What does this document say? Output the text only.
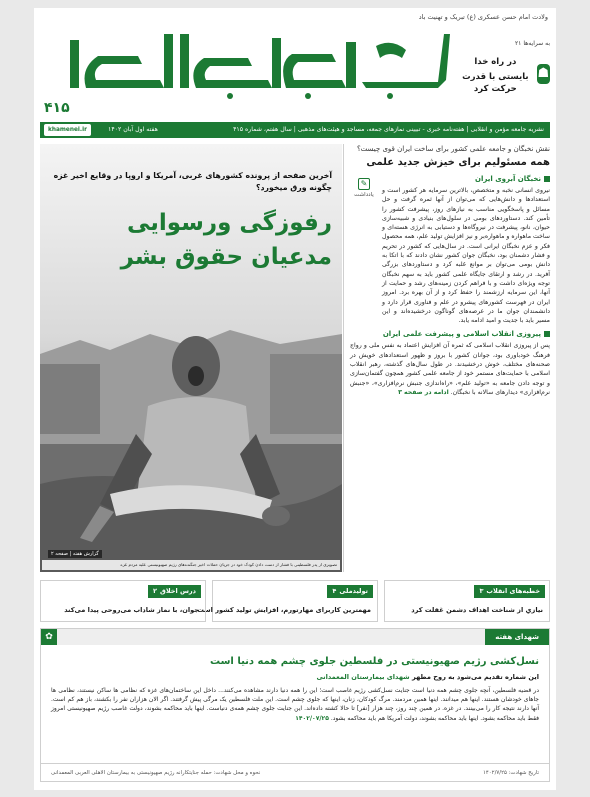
ولادت امام حسن عسکری (ع) تبریک و تهنیت باد
۴۱۵
به سرایه‌ها ۲۱
☗
در راه خدا
بایستی با قدرت حرکت کرد
نشریه جامعه مؤمن و انقلابی | هفته‌نامه خبری - تبیینی نمازهای جمعه، مساجد و هیئت‌های مذهبی | سال هفتم، شماره ۴۱۵
هفته اول آبان ۱۴۰۲
khamenei.ir
نقش نخبگان و جامعه علمی کشور برای ساخت ایران قوی چیست؟
همه مسئولیم برای خیزش جدید علمی
✎
یادداشت
نخبگان آبروی ایران
نیروی انسانی نخبه و متخصص، بالاترین سرمایه هر کشور است و استعدادها و دانش‌هایی که می‌توان از آنها ثمره گرفت و حل مسائل و پاسخگویی مناسب به نیازهای روز، پیشرفت کشور را تأمین کند. دستاوردهای بومی در سلول‌های بنیادی و شبیه‌سازی حیوان، نانو، پیشرفت در نیروگاه‌ها و دستیابی به انرژی هسته‌ای و ساخت ماهواره و ماهواره‌بر و نیز افزایش تولید علم، همه محصول فکر و عزم نخبگان ایرانی است. در سال‌هایی که کشور در تحریم و فشار دشمنان بود، نخبگان جوان کشور نشان دادند که با اتکا به دانش بومی می‌توان بر موانع غلبه کرد و دستاوردهای بزرگی آفرید. در رشد و ارتقای جایگاه علمی کشور باید به سهم نخبگان توجه ویژه‌ای داشت و با فراهم کردن زمینه‌های رشد و حمایت از آنها، این سرمایه ارزشمند را حفظ کرد و از آن بهره برد. امروز ایران در فهرست کشورهای پیشرو در علم و فناوری قرار دارد و دانشمندان جوان ما در عرصه‌های گوناگون درخشیده‌اند و این مسیر باید با جدیت و امید ادامه یابد.
پیروزی انقلاب اسلامی و پیشرفت علمی ایران
پس از پیروزی انقلاب اسلامی که ثمره آن افزایش اعتماد به نفس ملی و رواج فرهنگ خودباوری بود، جوانان کشور با بروز و ظهور استعدادهای خویش در صحنه‌های مختلف، خوش درخشیدند. در طول سال‌های گذشته، رهبر انقلاب اسلامی با حمایت‌های مستمر خود از جامعه علمی کشور همچون گفتمان‌سازی و توجه دادن جامعه به «تولید علم»، «راه‌اندازی جنبش نرم‌افزاری»، «جنبش نرم‌افزاری» دیدارهای سالانه با نخبگان. ادامه در صفحه ۳
آخرین صفحه از پرونده کشورهای غربی، آمریکا و اروپا در وقایع اخیر غزه چگونه ورق میخورد؟
رفوزگی ورسوایی
مدعیان حقوق بشر
گزارش هفته | صفحه ۲
تصویری از پدر فلسطینی با فشار از دست دادن کودک خود در جریان حملات اخیر جنگنده‌های رژیم صهیونیستی علیه مردم غزه
خطبه‌های انقلاب۳
نیازیِ از شناخت اهداف دشمن غفلت کرد
تولیدملی۴
مهمترین کاربرای مهارتورم، افزایش تولید کشور است
درس اخلاق۲
جوان، با نماز شاداب می‌روحی پیدا می‌کند
شهدای هفته
✿
نسل‌کشی رژیم صهیونیستی در فلسطین جلوی چشم همه دنیا است
این شماره تقدیم می‌شود به روح مطهر شهدای بیمارستان المعمدانی
در قضیه فلسطین، آنچه جلوی چشم همه دنیا است جنایت نسل‌کشی رژیم غاصب است؛ این را همه دنیا دارند مشاهده می‌کنند... داخل این ساختمان‌های غزه که نظامی ها ساکن نیستند، نظامی ها جاهای خودشان هستند. اینها هم میدانند. اینها همین مردمند. مرگ کودکان، زنان، اینها که جلوی چشم است. این ملت فلسطین یک مرگی پیش گرفتند. اگر الان هزاران نفر را بکشند، باز هم کم است. آنها دارند نتیجه کار را می‌بینند. در غزه. در همین چند روز، چند هزار [نفر] تا حالا کشته داده‌اند. این جنایت جلوی چشم همه‌ی دنیاست. اینها باید محاکمه بشوند، دولت غاصب رژیم صهیونیستی امروز فقط باید محاکمه بشود. اینها باید محاکمه بشوند، دولت آمریکا هم باید محاکمه بشود. ۱۴۰۲/۰۷/۲۵
تاریخ شهادت: ۱۴۰۲/۷/۲۵
نحوه و محل شهادت: حمله جنایتکارانه رژیم صهیونیستی به بیمارستان الاهلی العربی المعمدانی
